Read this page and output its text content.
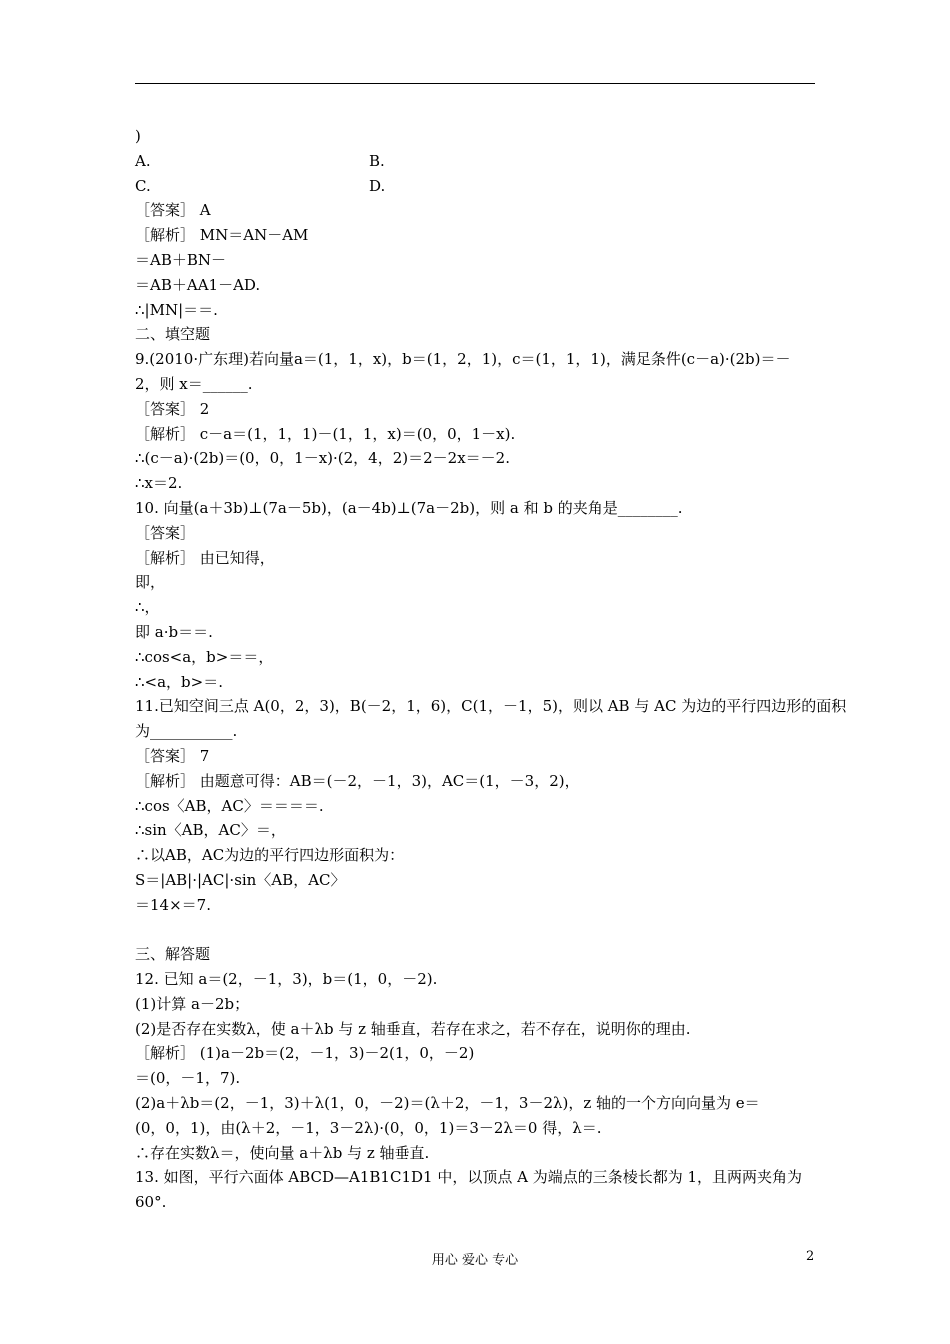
)
A.	B.
C.	D.
［答案］ A
［解析］ MN＝AN－AM
＝AB＋BN－
＝AB＋AA1－AD.
∴|MN|＝＝.
二、填空题
9.(2010·广东理)若向量a＝(1，1，x)，b＝(1，2，1)，c＝(1，1，1)，满足条件(c－a)·(2b)＝－
2，则 x＝______.
［答案］ 2
［解析］ c－a＝(1，1，1)－(1，1，x)＝(0，0，1－x).
∴(c－a)·(2b)＝(0，0，1－x)·(2，4，2)＝2－2x＝－2.
∴x＝2.
10. 向量(a＋3b)⊥(7a－5b)，(a－4b)⊥(7a－2b)，则 a 和 b 的夹角是________.
［答案］
［解析］ 由已知得，
即，
∴，
即 a·b＝＝.
∴cos<a，b>＝＝，
∴<a，b>＝.
11.已知空间三点 A(0，2，3)，B(－2，1，6)，C(1，－1，5)，则以 AB 与 AC 为边的平行四边形的面积
为___________.
［答案］ 7
［解析］ 由题意可得：AB＝(－2，－1，3)，AC＝(1，－3，2)，
∴cos〈AB，AC〉＝＝＝＝.
∴sin〈AB，AC〉＝，
∴以AB，AC为边的平行四边形面积为：
S＝|AB|·|AC|·sin〈AB，AC〉
＝14×＝7.
三、解答题
12. 已知 a＝(2，－1，3)，b＝(1，0，－2).
(1)计算 a－2b；
(2)是否存在实数λ，使 a＋λb 与 z 轴垂直，若存在求之，若不存在，说明你的理由.
［解析］ (1)a－2b＝(2，－1，3)－2(1，0，－2)
＝(0，－1，7).
(2)a＋λb＝(2，－1，3)＋λ(1，0，－2)＝(λ＋2，－1，3－2λ)，z 轴的一个方向向量为 e＝
(0，0，1)，由(λ＋2，－1，3－2λ)·(0，0，1)＝3－2λ＝0 得，λ＝.
∴存在实数λ＝，使向量 a＋λb 与 z 轴垂直.
13. 如图，平行六面体 ABCD—A1B1C1D1 中，以顶点 A 为端点的三条棱长都为 1，且两两夹角为
60°.
用心 爱心 专心	2
